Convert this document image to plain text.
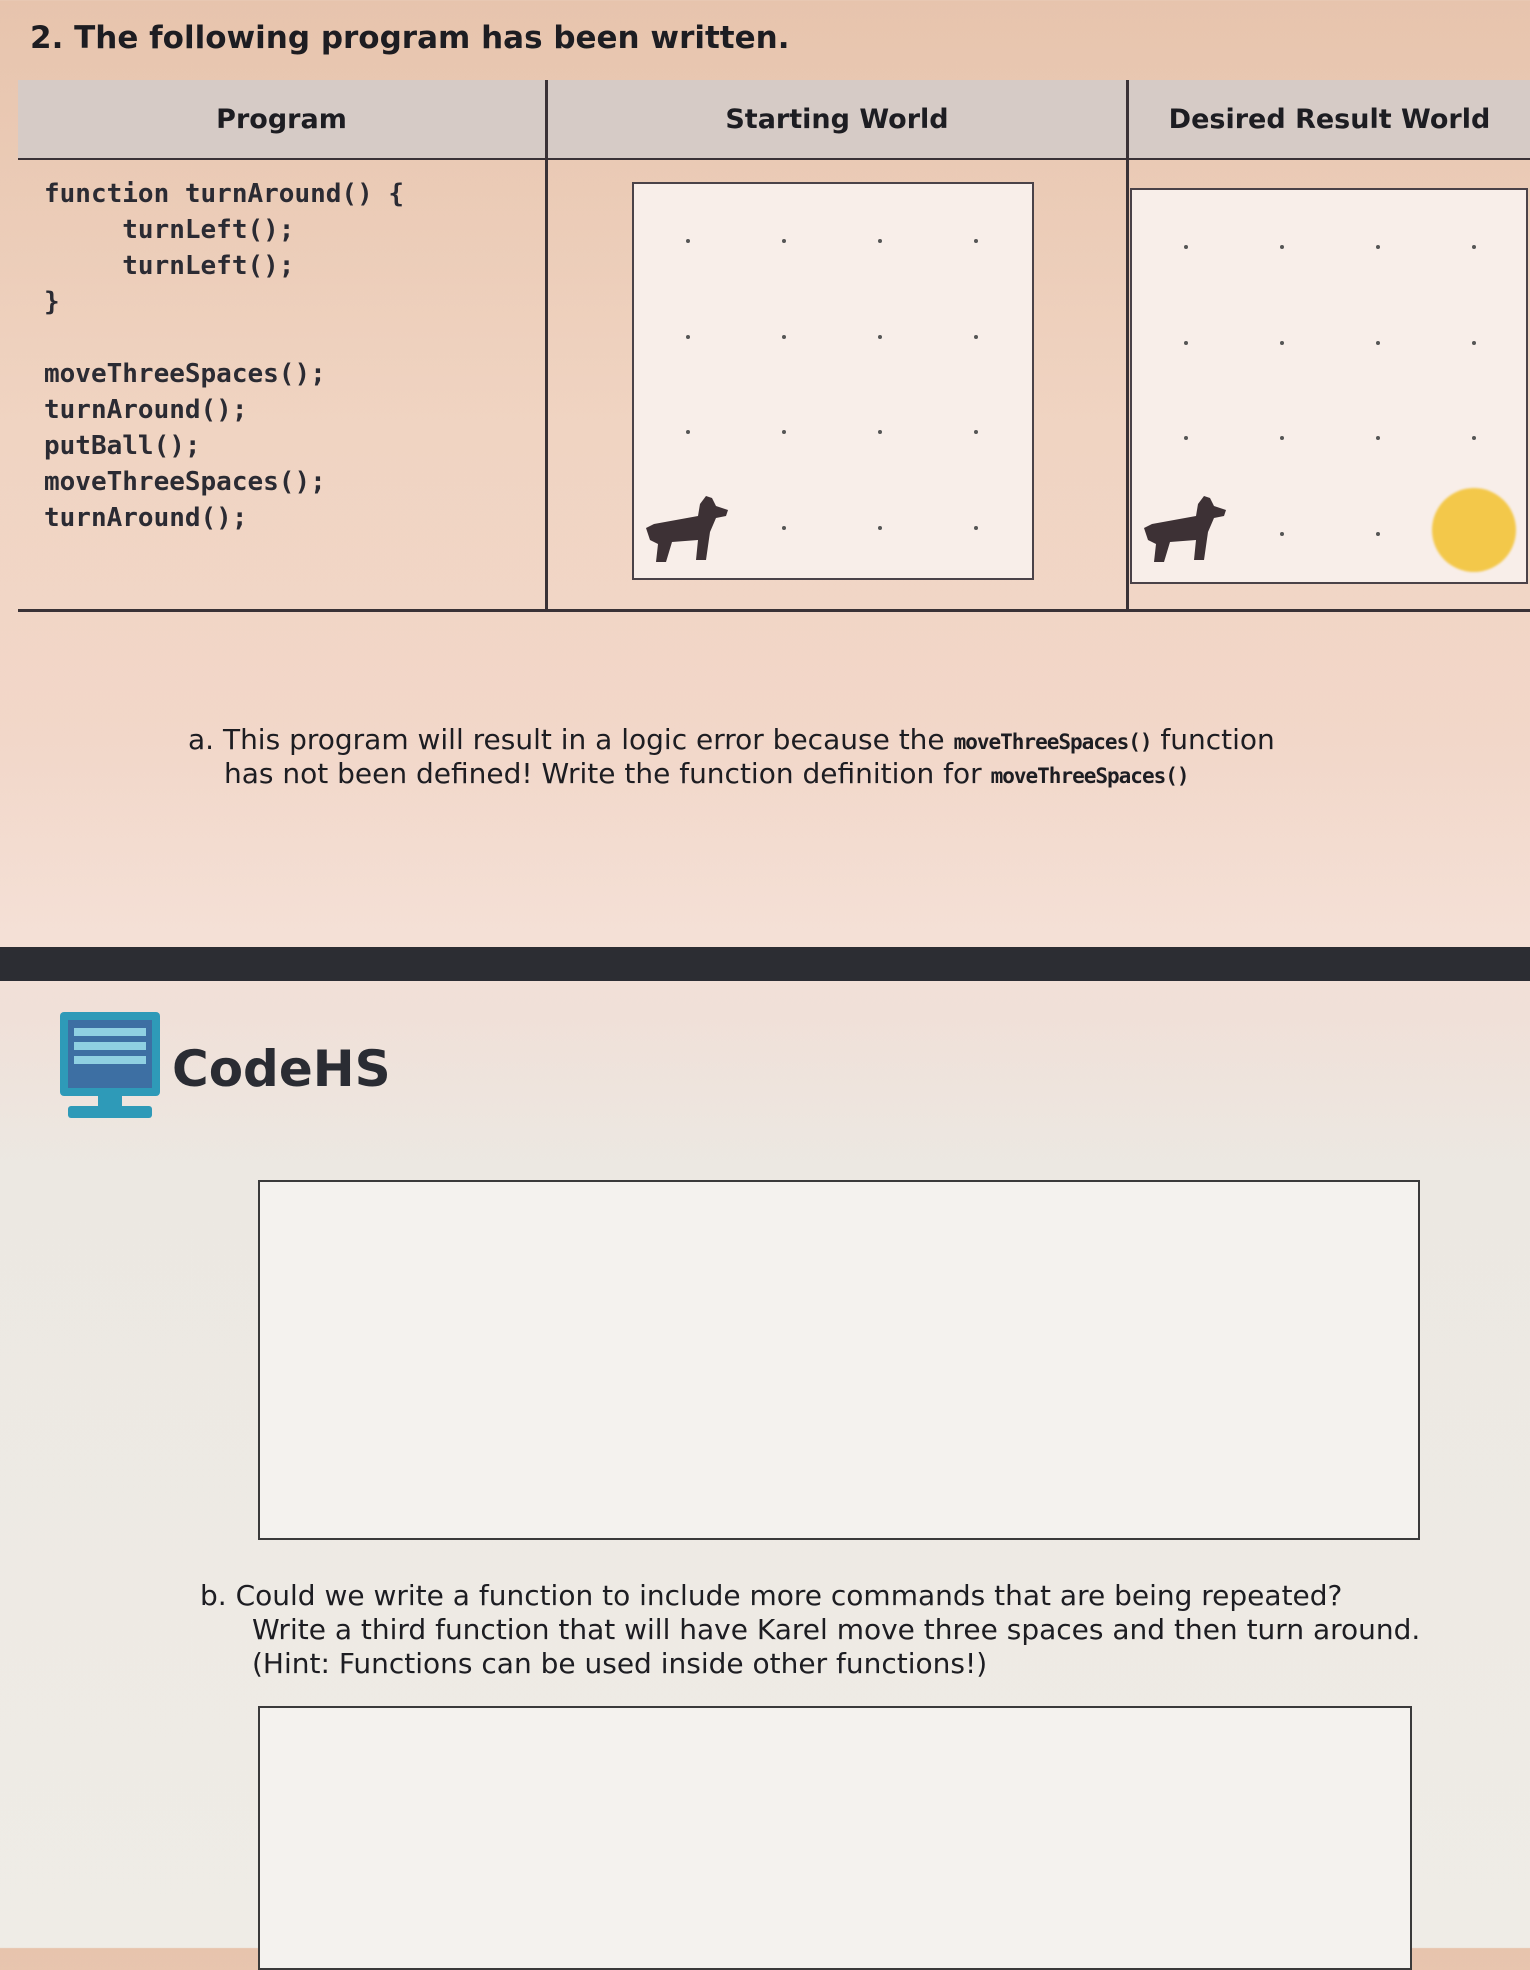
2. The following program has been written.
Program	Starting World	Desired Result World
function turnAround() {
turnLeft();
turnLeft();
}

moveThreeSpaces();
turnAround();
putBall();
moveThreeSpaces();
turnAround();
a. This program will result in a logic error because the moveThreeSpaces() function
has not been defined! Write the function definition for moveThreeSpaces()
CodeHS
b. Could we write a function to include more commands that are being repeated?
Write a third function that will have Karel move three spaces and then turn around.
(Hint: Functions can be used inside other functions!)
